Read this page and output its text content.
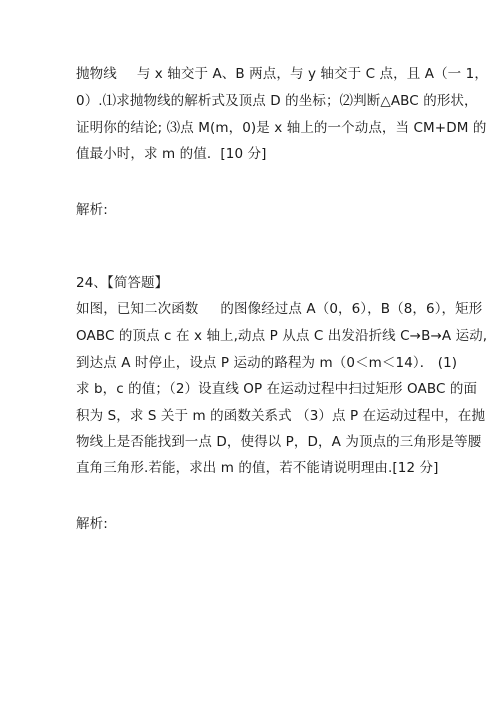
抛物线 与 x 轴交于 A、B 两点，与 y 轴交于 C 点，且 A（一 1，
0）.⑴求抛物线的解析式及顶点 D 的坐标；⑵判断△ABC 的形状，
证明你的结论; ⑶点 M(m，0)是 x 轴上的一个动点，当 CM+DM 的
值最小时，求 m 的值．[10 分]
解析:
24、【简答题】
如图，已知二次函数 的图像经过点 A（0，6），B（8，6），矩形
OABC 的顶点 c 在 x 轴上,动点 P 从点 C 出发沿折线 C→B→A 运动,
到达点 A 时停止，设点 P 运动的路程为 m（0＜m＜14）． (1)
求 b，c 的值；（2）设直线 OP 在运动过程中扫过矩形 OABC 的面
积为 S，求 S 关于 m 的函数关系式 （3）点 P 在运动过程中，在抛
物线上是否能找到一点 D，使得以 P，D，A 为顶点的三角形是等腰
直角三角形.若能，求出 m 的值，若不能请说明理由.[12 分]
解析:
